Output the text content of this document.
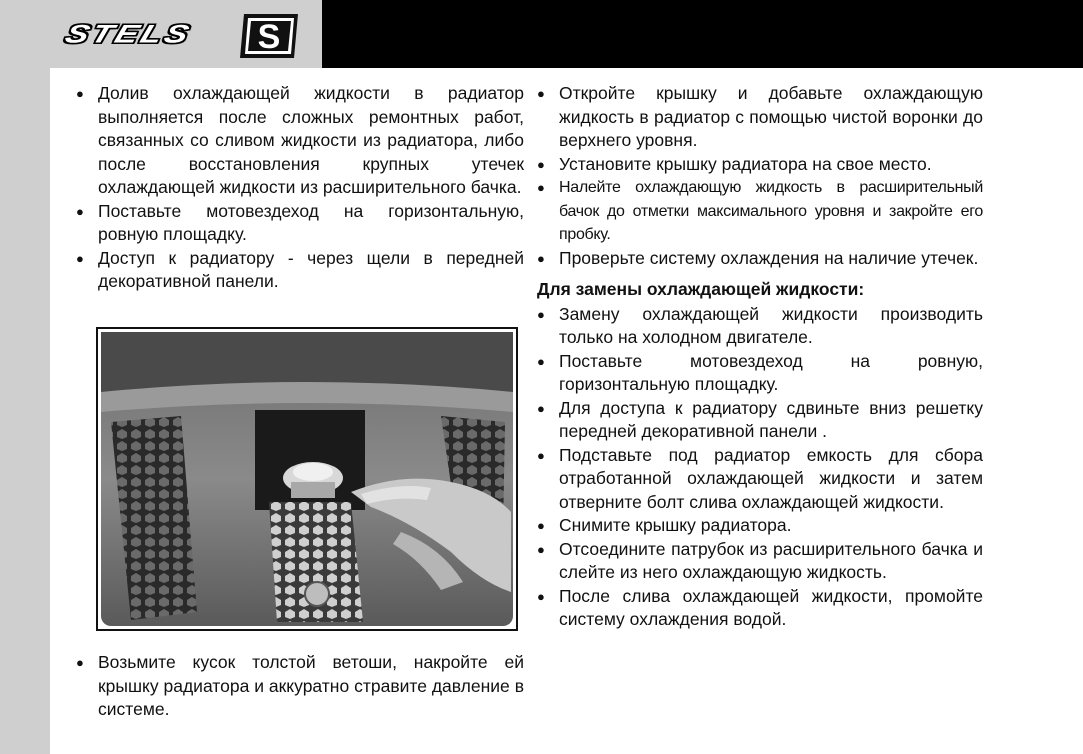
STELS	S
● Долив охлаждающей жидкости в радиатор выполняется после сложных ремонтных работ, связанных со сливом жидкости из радиатора, либо после восстановления крупных утечек охлаждающей жидкости из расширительного бачка.
● Поставьте мотовездеход на горизонтальную, ровную площадку.
● Доступ к радиатору - через щели в передней декоративной панели.
● Возьмите кусок толстой ветоши, накройте ей крышку радиатора и аккуратно стравите давление в системе.
● Откройте крышку и добавьте охлаждающую жидкость в радиатор с помощью чистой воронки до верхнего уровня.
● Установите крышку радиатора на свое место.
● Налейте охлаждающую жидкость в расширительный бачок до отметки максимального уровня и закройте его пробку.
● Проверьте систему охлаждения на наличие утечек.
Для замены охлаждающей жидкости:
● Замену охлаждающей жидкости производить только на холодном двигателе.
● Поставьте мотовездеход на ровную, горизонтальную площадку.
● Для доступа к радиатору сдвиньте вниз решетку передней декоративной панели .
● Подставьте под радиатор емкость для сбора отработанной охлаждающей жидкости и затем отверните болт слива охлаждающей жидкости.
● Снимите крышку радиатора.
● Отсоедините патрубок из расширительного бачка и слейте из него охлаждающую жидкость.
● После слива охлаждающей жидкости, промойте систему охлаждения водой.
